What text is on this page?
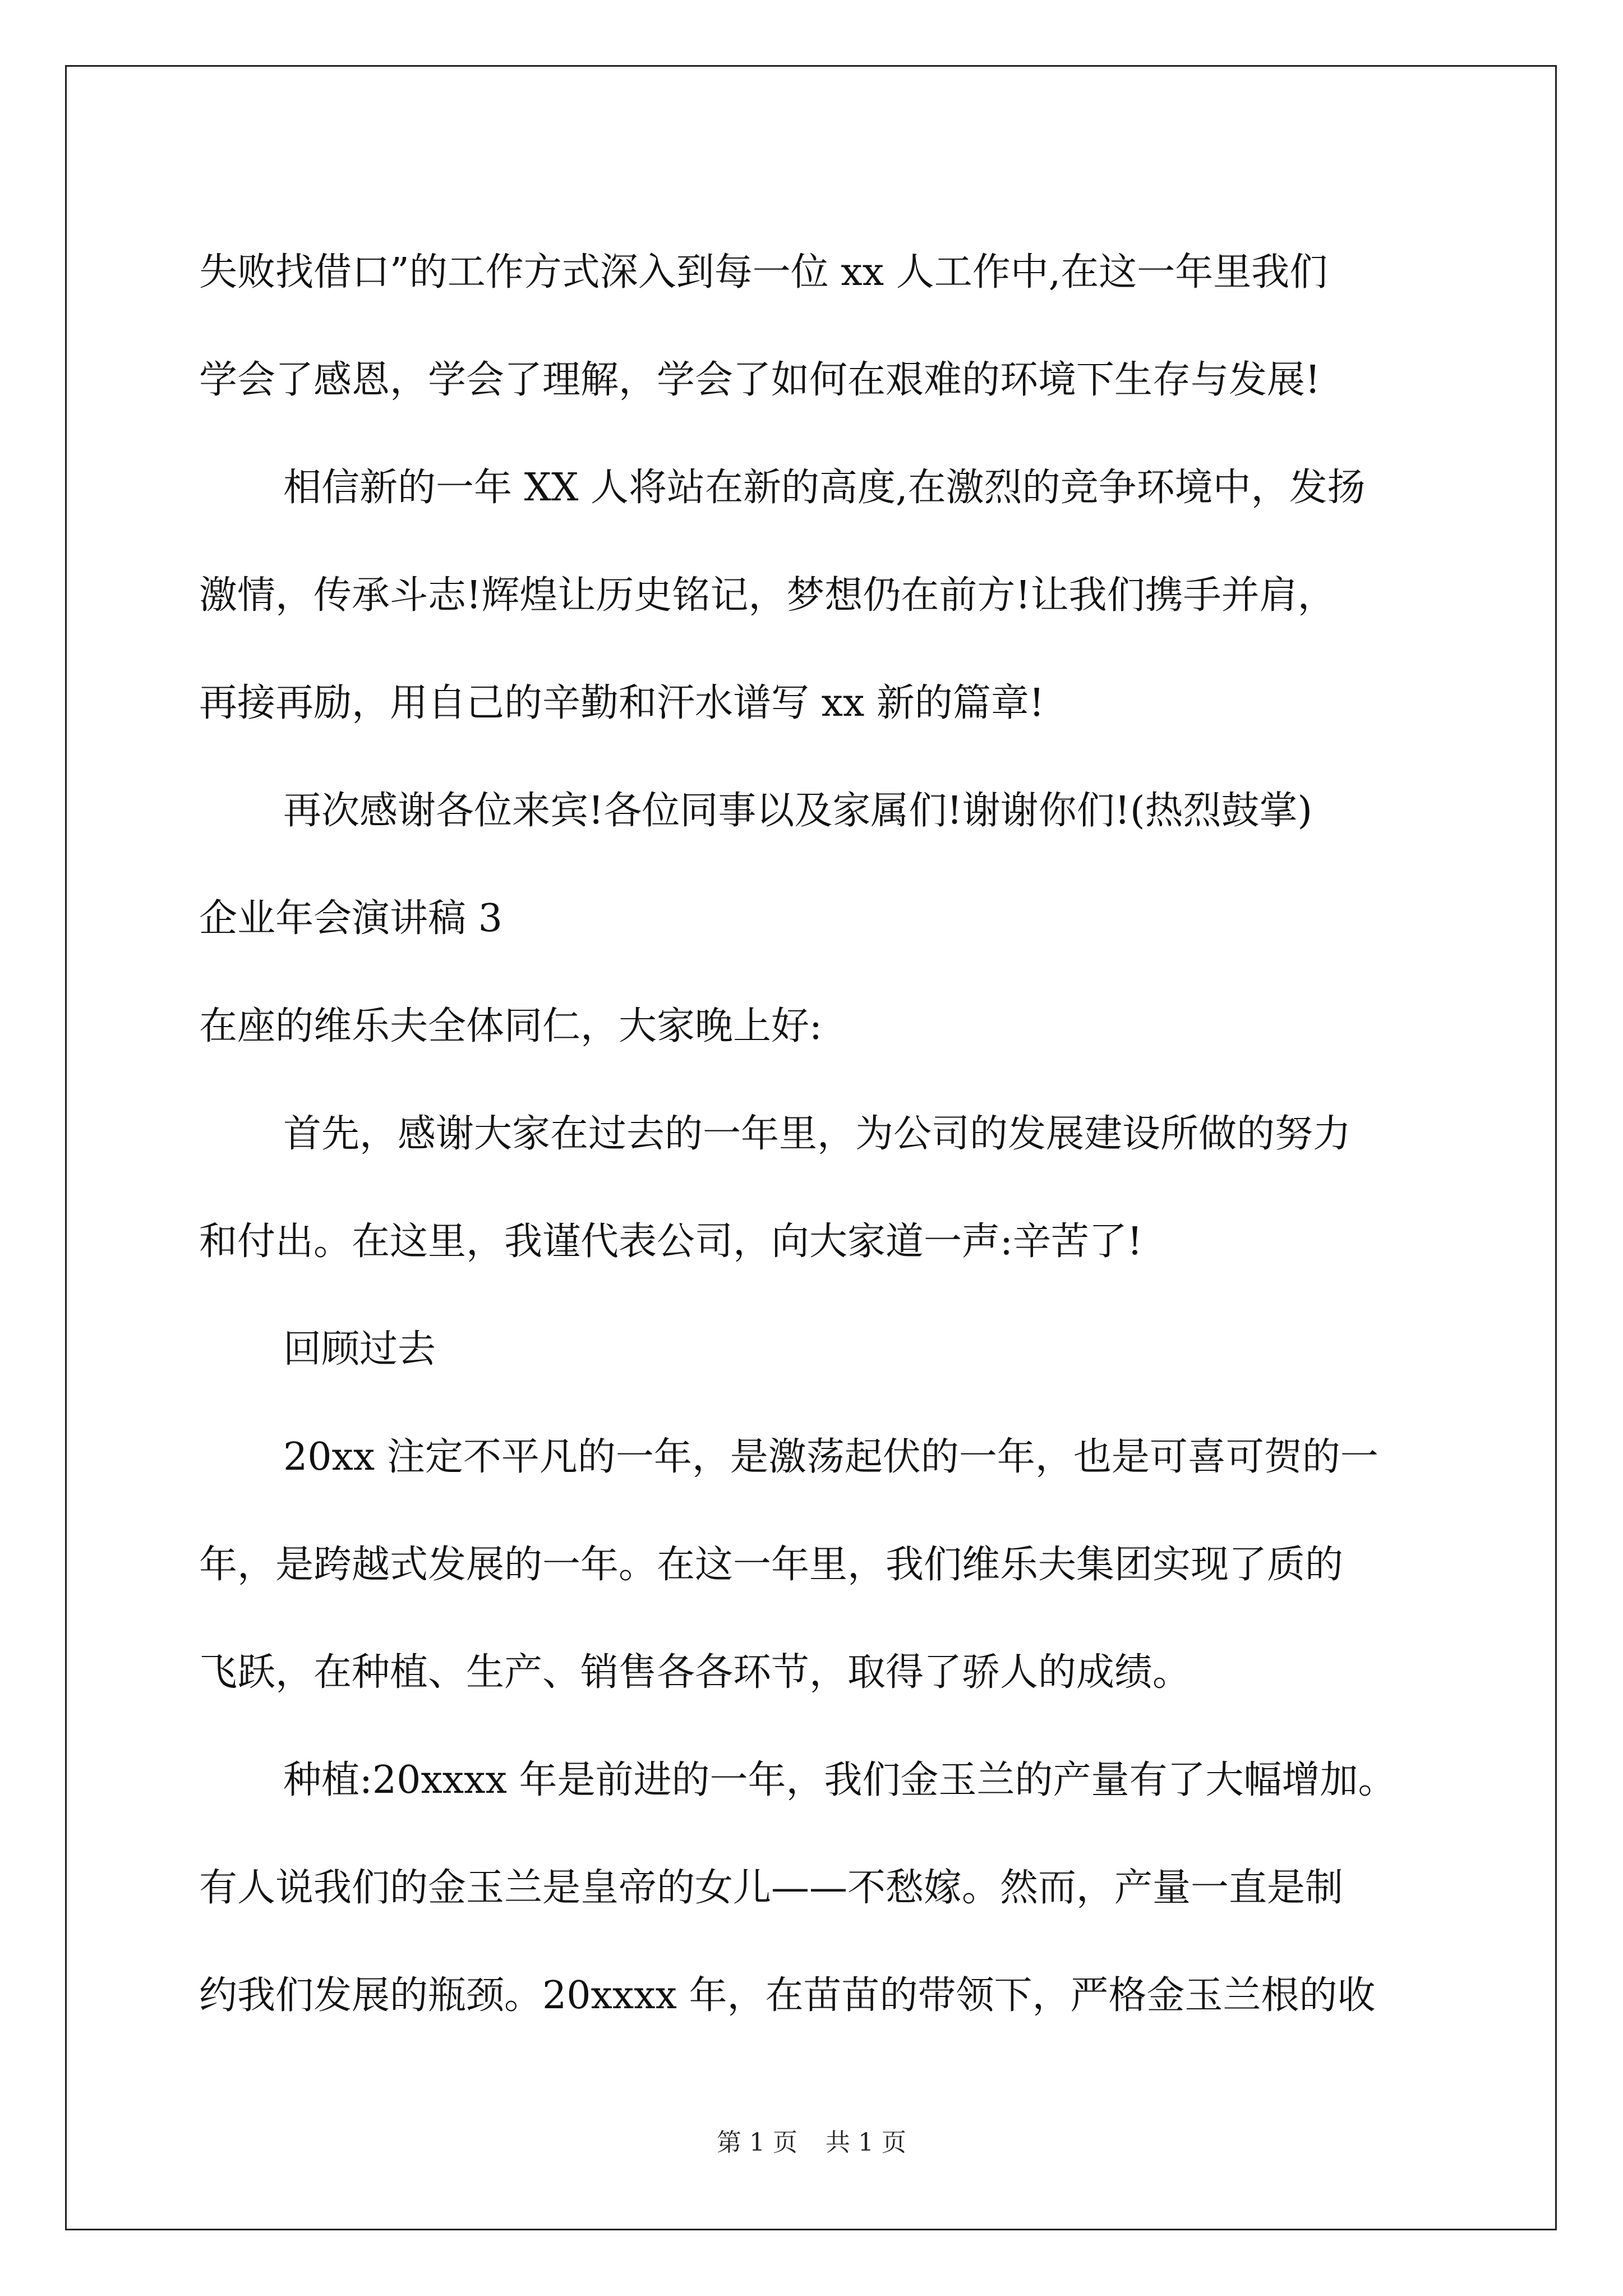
失败找借口”的工作方式深入到每一位 xx 人工作中,在这一年里我们

学会了感恩，学会了理解，学会了如何在艰难的环境下生存与发展!

相信新的一年 XX 人将站在新的高度,在激烈的竞争环境中，发扬

激情，传承斗志!辉煌让历史铭记，梦想仍在前方!让我们携手并肩，

再接再励，用自己的辛勤和汗水谱写 xx 新的篇章!

再次感谢各位来宾!各位同事以及家属们!谢谢你们!(热烈鼓掌)

企业年会演讲稿 3

在座的维乐夫全体同仁，大家晚上好:

首先，感谢大家在过去的一年里，为公司的发展建设所做的努力

和付出。在这里，我谨代表公司，向大家道一声:辛苦了!

回顾过去

20xx 注定不平凡的一年，是激荡起伏的一年，也是可喜可贺的一

年，是跨越式发展的一年。在这一年里，我们维乐夫集团实现了质的

飞跃，在种植、生产、销售各各环节，取得了骄人的成绩。

种植:20xxxx 年是前进的一年，我们金玉兰的产量有了大幅增加。

有人说我们的金玉兰是皇帝的女儿——不愁嫁。然而，产量一直是制

约我们发展的瓶颈。20xxxx 年，在苗苗的带领下，严格金玉兰根的收

第 1 页 共 1 页
